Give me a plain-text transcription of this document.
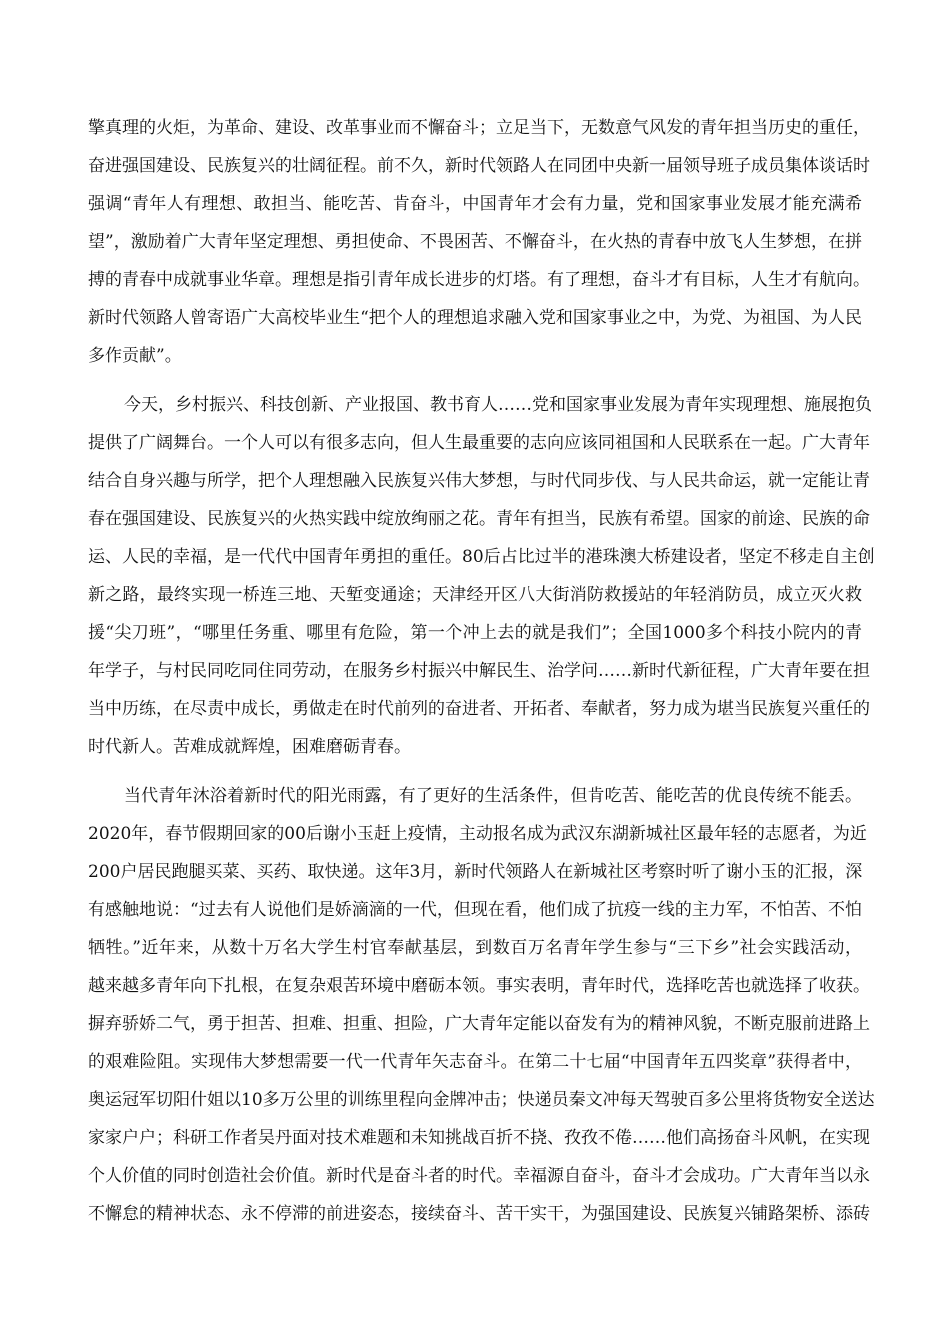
擎真理的火炬，为革命、建设、改革事业而不懈奋斗；立足当下，无数意气风发的青年担当历史的重任，
奋进强国建设、民族复兴的壮阔征程。前不久，新时代领路人在同团中央新一届领导班子成员集体谈话时
强调“青年人有理想、敢担当、能吃苦、肯奋斗，中国青年才会有力量，党和国家事业发展才能充满希
望”，激励着广大青年坚定理想、勇担使命、不畏困苦、不懈奋斗，在火热的青春中放飞人生梦想，在拼
搏的青春中成就事业华章。理想是指引青年成长进步的灯塔。有了理想，奋斗才有目标，人生才有航向。
新时代领路人曾寄语广大高校毕业生“把个人的理想追求融入党和国家事业之中，为党、为祖国、为人民
多作贡献”。
今天，乡村振兴、科技创新、产业报国、教书育人……党和国家事业发展为青年实现理想、施展抱负
提供了广阔舞台。一个人可以有很多志向，但人生最重要的志向应该同祖国和人民联系在一起。广大青年
结合自身兴趣与所学，把个人理想融入民族复兴伟大梦想，与时代同步伐、与人民共命运，就一定能让青
春在强国建设、民族复兴的火热实践中绽放绚丽之花。青年有担当，民族有希望。国家的前途、民族的命
运、人民的幸福，是一代代中国青年勇担的重任。80后占比过半的港珠澳大桥建设者，坚定不移走自主创
新之路，最终实现一桥连三地、天堑变通途；天津经开区八大街消防救援站的年轻消防员，成立灭火救
援“尖刀班”，“哪里任务重、哪里有危险，第一个冲上去的就是我们”；全国1000多个科技小院内的青
年学子，与村民同吃同住同劳动，在服务乡村振兴中解民生、治学问……新时代新征程，广大青年要在担
当中历练，在尽责中成长，勇做走在时代前列的奋进者、开拓者、奉献者，努力成为堪当民族复兴重任的
时代新人。苦难成就辉煌，困难磨砺青春。
当代青年沐浴着新时代的阳光雨露，有了更好的生活条件，但肯吃苦、能吃苦的优良传统不能丢。
2020年，春节假期回家的00后谢小玉赶上疫情，主动报名成为武汉东湖新城社区最年轻的志愿者，为近
200户居民跑腿买菜、买药、取快递。这年3月，新时代领路人在新城社区考察时听了谢小玉的汇报，深
有感触地说：“过去有人说他们是娇滴滴的一代，但现在看，他们成了抗疫一线的主力军，不怕苦、不怕
牺牲。”近年来，从数十万名大学生村官奉献基层，到数百万名青年学生参与“三下乡”社会实践活动，
越来越多青年向下扎根，在复杂艰苦环境中磨砺本领。事实表明，青年时代，选择吃苦也就选择了收获。
摒弃骄娇二气，勇于担苦、担难、担重、担险，广大青年定能以奋发有为的精神风貌，不断克服前进路上
的艰难险阻。实现伟大梦想需要一代一代青年矢志奋斗。在第二十七届“中国青年五四奖章”获得者中，
奥运冠军切阳什姐以10多万公里的训练里程向金牌冲击；快递员秦文冲每天驾驶百多公里将货物安全送达
家家户户；科研工作者吴丹面对技术难题和未知挑战百折不挠、孜孜不倦……他们高扬奋斗风帆，在实现
个人价值的同时创造社会价值。新时代是奋斗者的时代。幸福源自奋斗，奋斗才会成功。广大青年当以永
不懈怠的精神状态、永不停滞的前进姿态，接续奋斗、苦干实干，为强国建设、民族复兴铺路架桥、添砖
